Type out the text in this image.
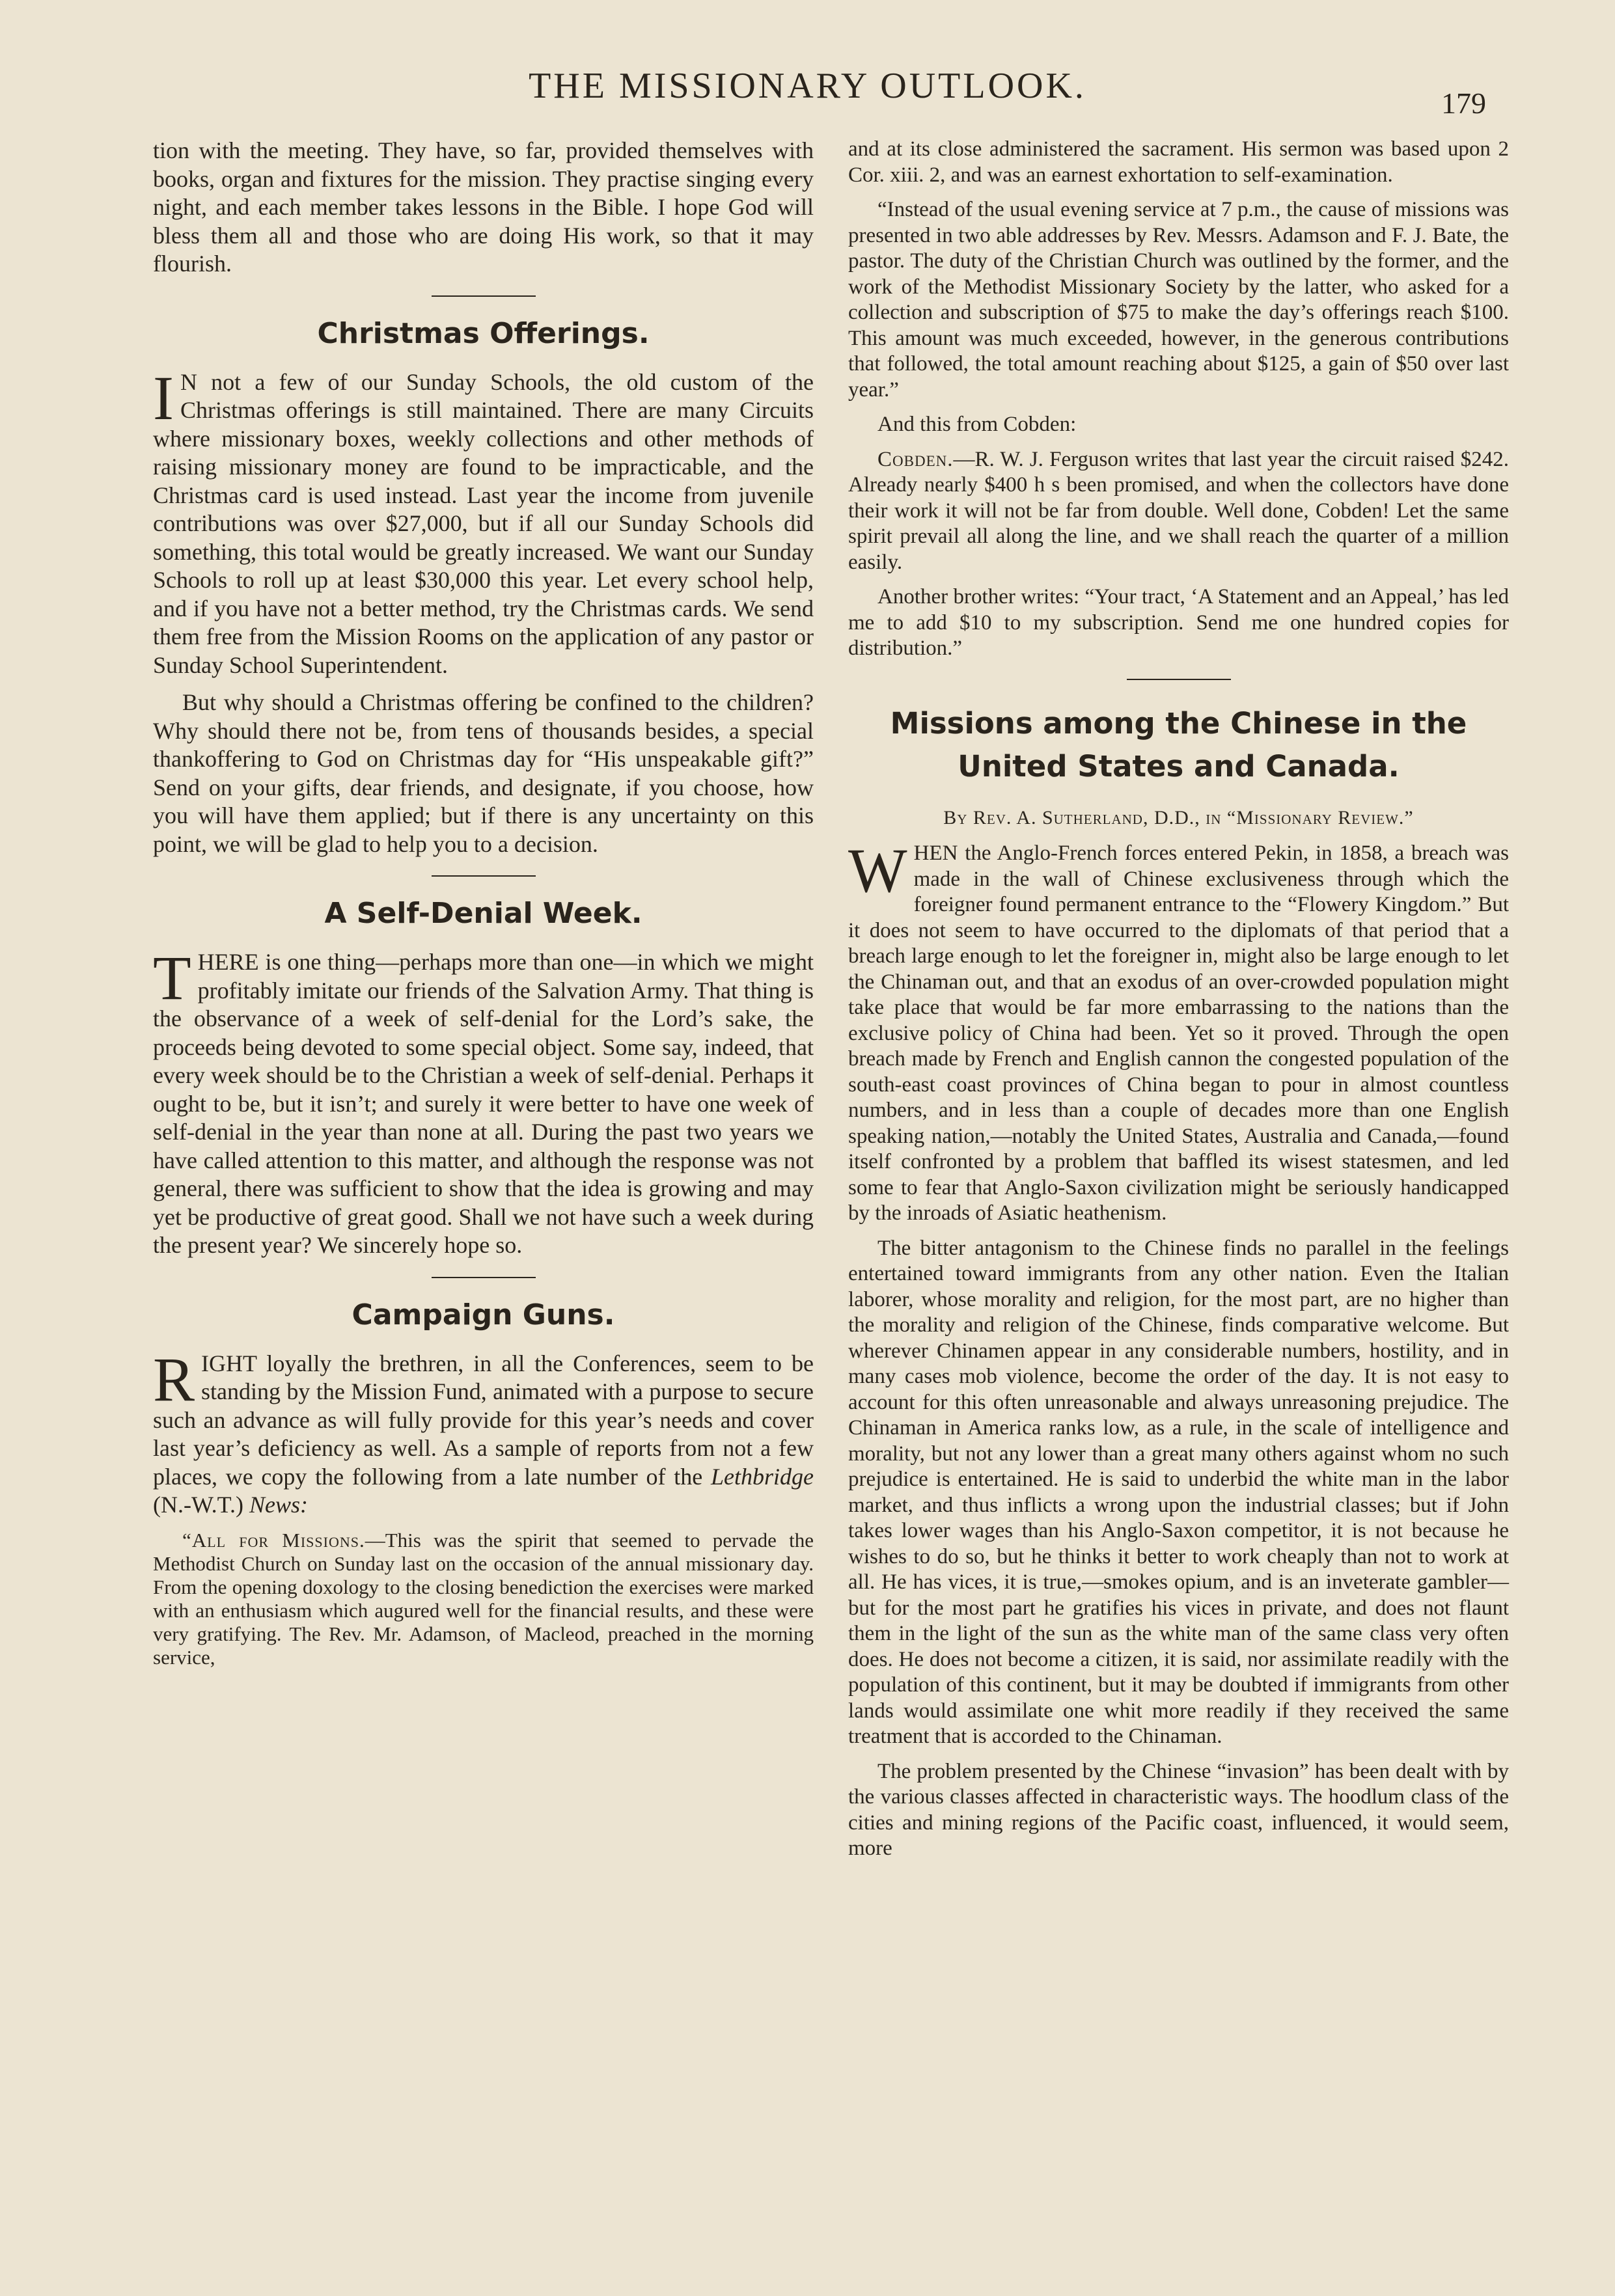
THE MISSIONARY OUTLOOK.	179

tion with the meeting. They have, so far, provided themselves with books, organ and fixtures for the mission. They practise singing every night, and each member takes lessons in the Bible. I hope God will bless them all and those who are doing His work, so that it may flourish.

Christmas Offerings.

I N not a few of our Sunday Schools, the old custom of the Christmas offerings is still maintained. There are many Circuits where missionary boxes, weekly collections and other methods of raising missionary money are found to be impracticable, and the Christmas card is used instead. Last year the income from juvenile contributions was over $27,000, but if all our Sunday Schools did something, this total would be greatly increased. We want our Sunday Schools to roll up at least $30,000 this year. Let every school help, and if you have not a better method, try the Christmas cards. We send them free from the Mission Rooms on the application of any pastor or Sunday School Superintendent.

But why should a Christmas offering be confined to the children? Why should there not be, from tens of thousands besides, a special thankoffering to God on Christmas day for “His unspeakable gift?” Send on your gifts, dear friends, and designate, if you choose, how you will have them applied; but if there is any uncertainty on this point, we will be glad to help you to a decision.

A Self-Denial Week.

THERE is one thing—perhaps more than one—in which we might profitably imitate our friends of the Salvation Army. That thing is the observance of a week of self-denial for the Lord’s sake, the proceeds being devoted to some special object. Some say, indeed, that every week should be to the Christian a week of self-denial. Perhaps it ought to be, but it isn’t; and surely it were better to have one week of self-denial in the year than none at all. During the past two years we have called attention to this matter, and although the response was not general, there was sufficient to show that the idea is growing and may yet be productive of great good. Shall we not have such a week during the present year? We sincerely hope so.

Campaign Guns.

RIGHT loyally the brethren, in all the Conferences, seem to be standing by the Mission Fund, animated with a purpose to secure such an advance as will fully provide for this year’s needs and cover last year’s deficiency as well. As a sample of reports from not a few places, we copy the following from a late number of the Lethbridge (N.-W.T.) News:

“All for Missions.—This was the spirit that seemed to pervade the Methodist Church on Sunday last on the occasion of the annual missionary day. From the opening doxology to the closing benediction the exercises were marked with an enthusiasm which augured well for the financial results, and these were very gratifying. The Rev. Mr. Adamson, of Macleod, preached in the morning service,

and at its close administered the sacrament. His sermon was based upon 2 Cor. xiii. 2, and was an earnest exhortation to self-examination.

“Instead of the usual evening service at 7 p.m., the cause of missions was presented in two able addresses by Rev. Messrs. Adamson and F. J. Bate, the pastor. The duty of the Christian Church was outlined by the former, and the work of the Methodist Missionary Society by the latter, who asked for a collection and subscription of $75 to make the day’s offerings reach $100. This amount was much exceeded, however, in the generous contributions that followed, the total amount reaching about $125, a gain of $50 over last year.”

And this from Cobden:

Cobden.—R. W. J. Ferguson writes that last year the circuit raised $242. Already nearly $400 h s been promised, and when the collectors have done their work it will not be far from double. Well done, Cobden! Let the same spirit prevail all along the line, and we shall reach the quarter of a million easily.

Another brother writes: “Your tract, ‘A Statement and an Appeal,’ has led me to add $10 to my subscription. Send me one hundred copies for distribution.”

Missions among the Chinese in the
United States and Canada.
By Rev. A. Sutherland, D.D., in “Missionary Review.”

WHEN the Anglo-French forces entered Pekin, in 1858, a breach was made in the wall of Chinese exclusiveness through which the foreigner found permanent entrance to the “Flowery Kingdom.” But it does not seem to have occurred to the diplomats of that period that a breach large enough to let the foreigner in, might also be large enough to let the Chinaman out, and that an exodus of an over-crowded population might take place that would be far more embarrassing to the nations than the exclusive policy of China had been. Yet so it proved. Through the open breach made by French and English cannon the congested population of the south-east coast provinces of China began to pour in almost countless numbers, and in less than a couple of decades more than one English speaking nation,—notably the United States, Australia and Canada,—found itself confronted by a problem that baffled its wisest statesmen, and led some to fear that Anglo-Saxon civilization might be seriously handicapped by the inroads of Asiatic heathenism.

The bitter antagonism to the Chinese finds no parallel in the feelings entertained toward immigrants from any other nation. Even the Italian laborer, whose morality and religion, for the most part, are no higher than the morality and religion of the Chinese, finds comparative welcome. But wherever Chinamen appear in any considerable numbers, hostility, and in many cases mob violence, become the order of the day. It is not easy to account for this often unreasonable and always unreasoning prejudice. The Chinaman in America ranks low, as a rule, in the scale of intelligence and morality, but not any lower than a great many others against whom no such prejudice is entertained. He is said to underbid the white man in the labor market, and thus inflicts a wrong upon the industrial classes; but if John takes lower wages than his Anglo-Saxon competitor, it is not because he wishes to do so, but he thinks it better to work cheaply than not to work at all. He has vices, it is true,—smokes opium, and is an inveterate gambler—but for the most part he gratifies his vices in private, and does not flaunt them in the light of the sun as the white man of the same class very often does. He does not become a citizen, it is said, nor assimilate readily with the population of this continent, but it may be doubted if immigrants from other lands would assimilate one whit more readily if they received the same treatment that is accorded to the Chinaman.

The problem presented by the Chinese “invasion” has been dealt with by the various classes affected in characteristic ways. The hoodlum class of the cities and mining regions of the Pacific coast, influenced, it would seem, more
